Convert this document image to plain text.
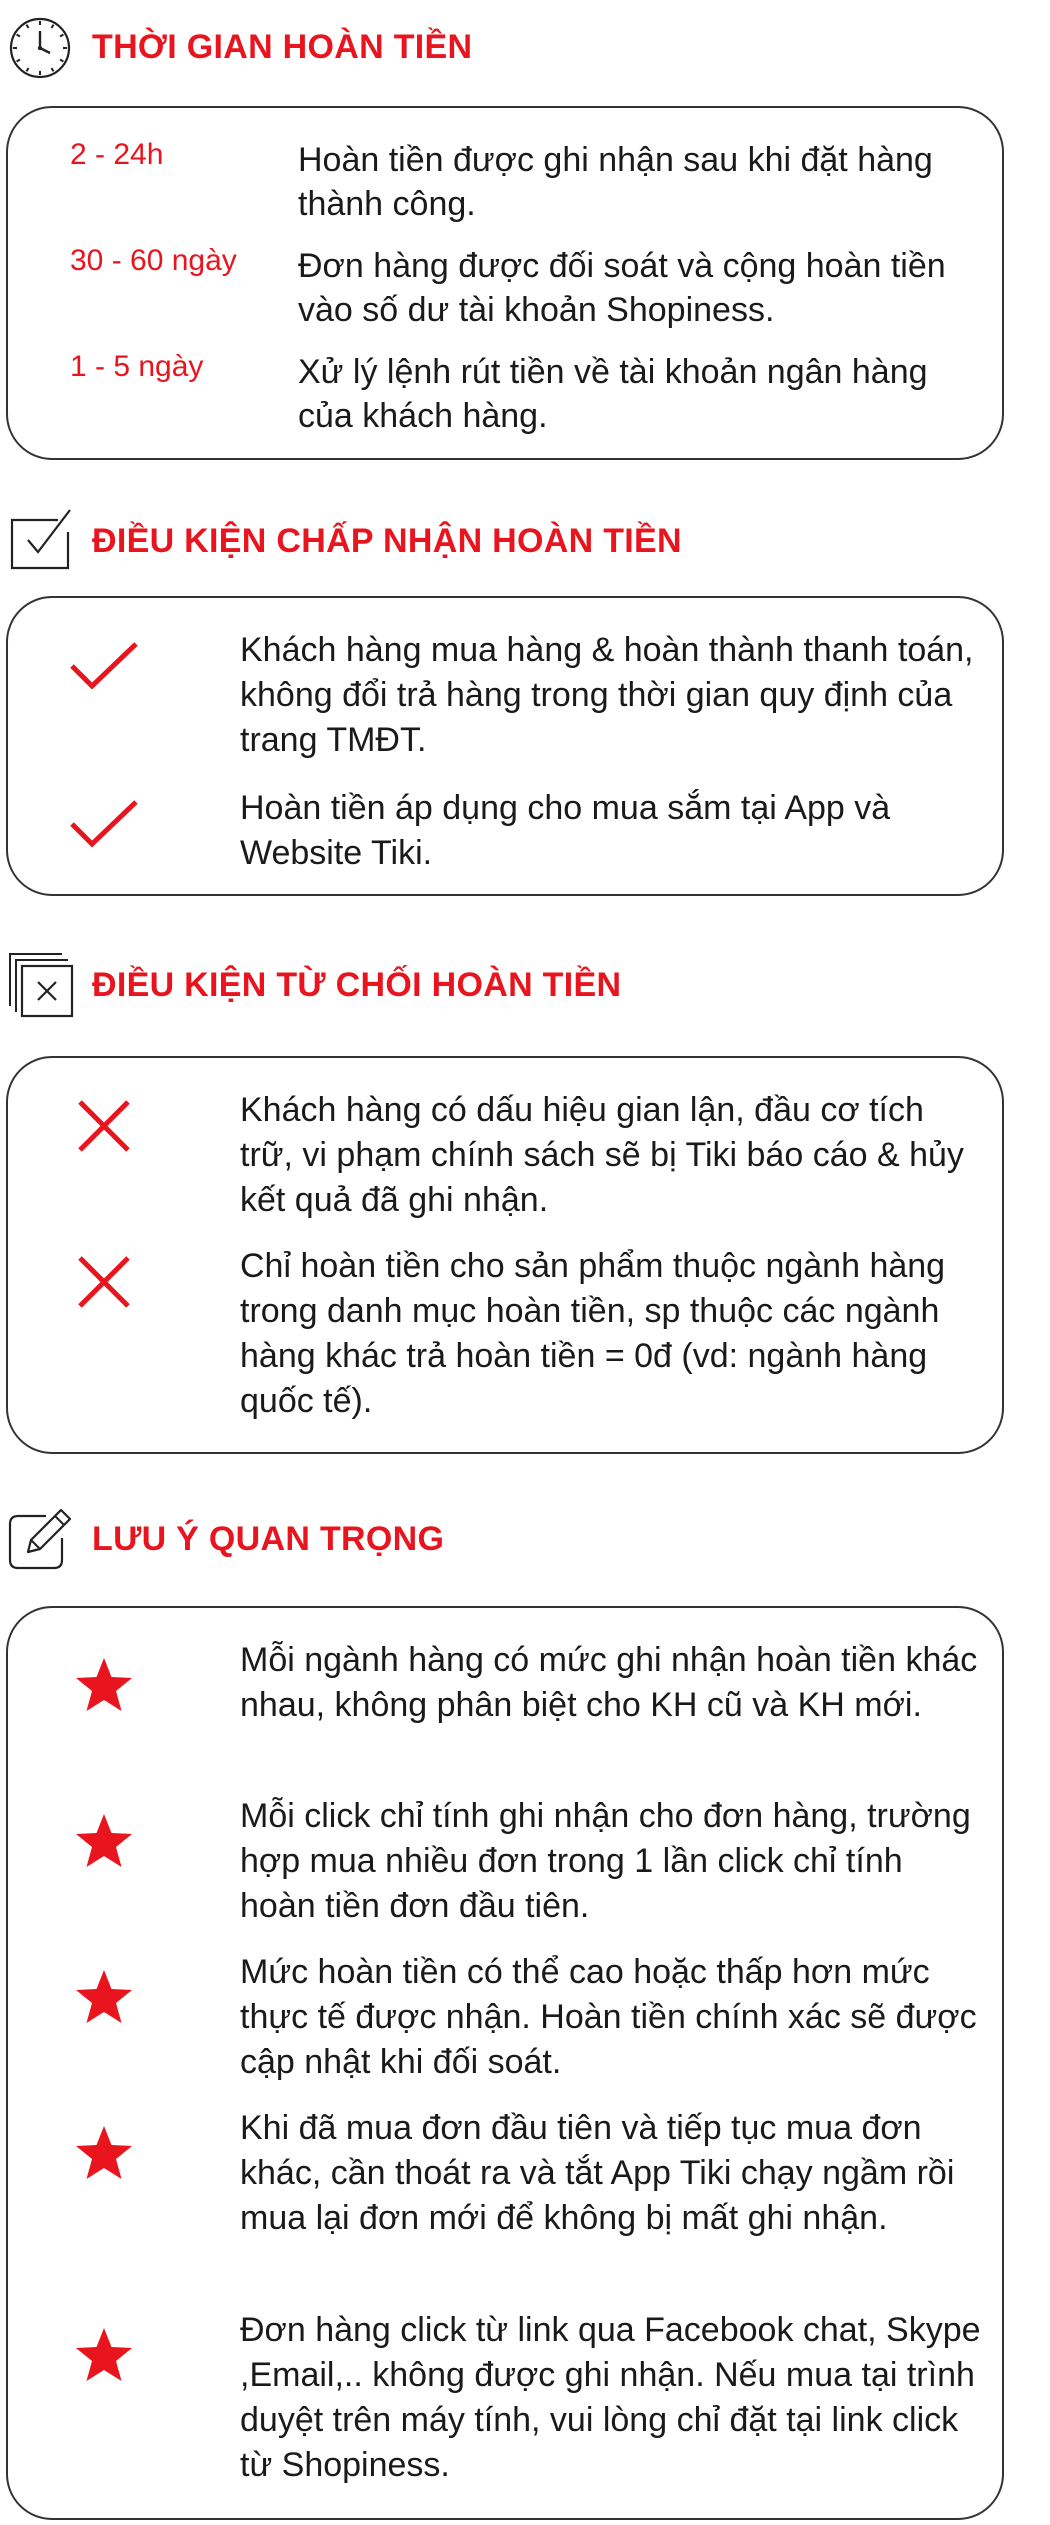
THỜI GIAN HOÀN TIỀN
2 - 24h	Hoàn tiền được ghi nhận sau khi đặt hàng thành công.
30 - 60 ngày Đơn hàng được đối soát và cộng hoàn tiền vào số dư tài khoản Shopiness.
1 - 5 ngày	Xử lý lệnh rút tiền về tài khoản ngân hàng của khách hàng.
ĐIỀU KIỆN CHẤP NHẬN HOÀN TIỀN
Khách hàng mua hàng & hoàn thành thanh toán, không đổi trả hàng trong thời gian quy định của trang TMĐT.
Hoàn tiền áp dụng cho mua sắm tại App và Website Tiki.
ĐIỀU KIỆN TỪ CHỐI HOÀN TIỀN
Khách hàng có dấu hiệu gian lận, đầu cơ tích trữ, vi phạm chính sách sẽ bị Tiki báo cáo & hủy kết quả đã ghi nhận.
Chỉ hoàn tiền cho sản phẩm thuộc ngành hàng trong danh mục hoàn tiền, sp thuộc các ngành hàng khác trả hoàn tiền = 0đ (vd: ngành hàng quốc tế).
LƯU Ý QUAN TRỌNG
Mỗi ngành hàng có mức ghi nhận hoàn tiền khác nhau, không phân biệt cho KH cũ và KH mới.
Mỗi click chỉ tính ghi nhận cho đơn hàng, trường hợp mua nhiều đơn trong 1 lần click chỉ tính hoàn tiền đơn đầu tiên.
Mức hoàn tiền có thể cao hoặc thấp hơn mức thực tế được nhận. Hoàn tiền chính xác sẽ được cập nhật khi đối soát.
Khi đã mua đơn đầu tiên và tiếp tục mua đơn khác, cần thoát ra và tắt App Tiki chạy ngầm rồi mua lại đơn mới để không bị mất ghi nhận.
Đơn hàng click từ link qua Facebook chat, Skype ,Email,.. không được ghi nhận. Nếu mua tại trình duyệt trên máy tính, vui lòng chỉ đặt tại link click từ Shopiness.
